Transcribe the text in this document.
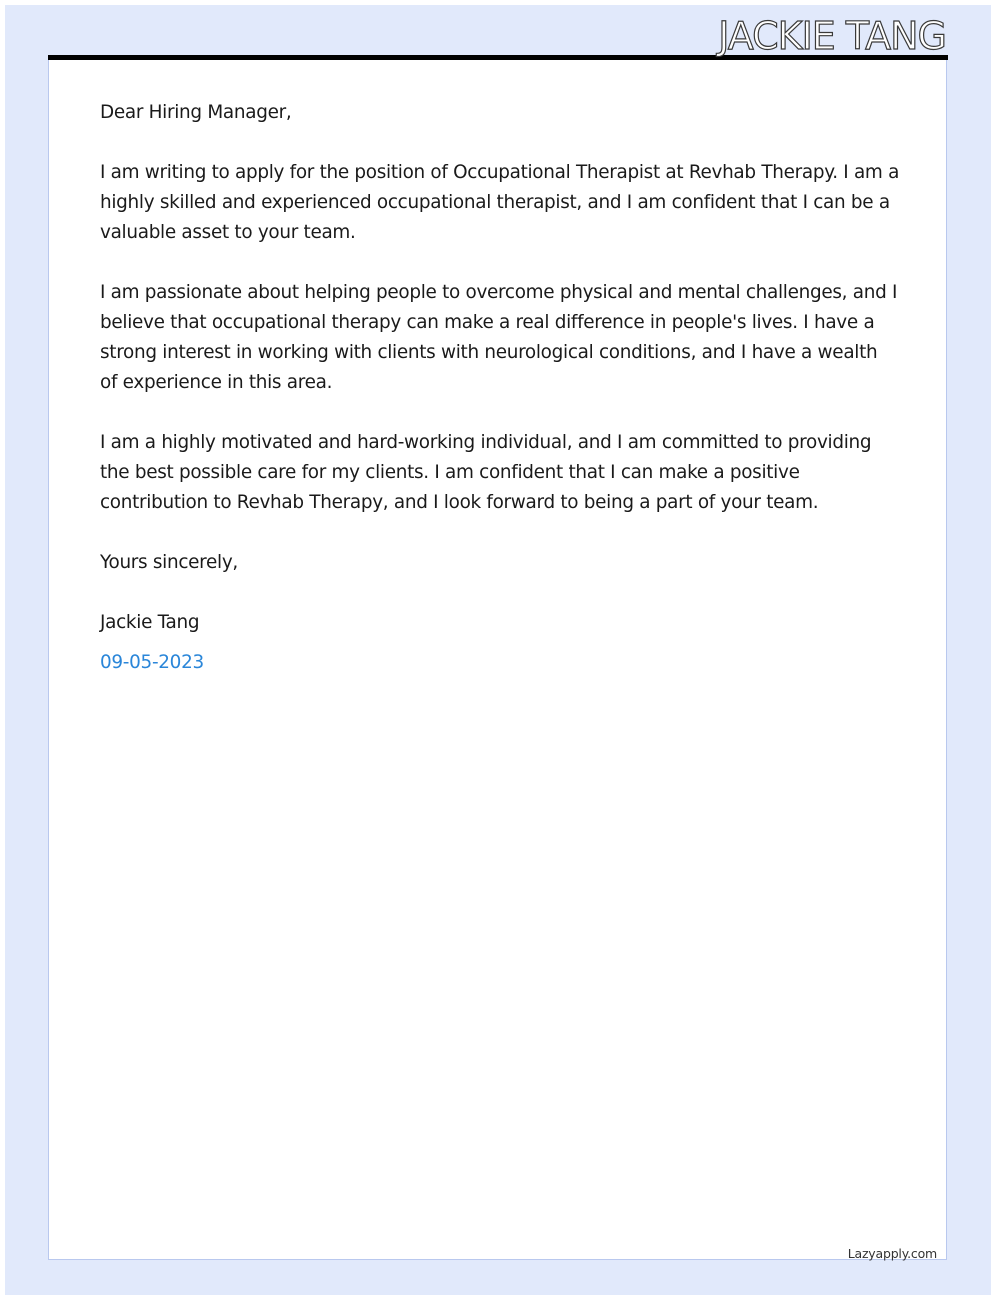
JACKIE TANG

Dear Hiring Manager,

I am writing to apply for the position of Occupational Therapist at Revhab Therapy. I am a highly skilled and experienced occupational therapist, and I am confident that I can be a valuable asset to your team.

I am passionate about helping people to overcome physical and mental challenges, and I believe that occupational therapy can make a real difference in people's lives. I have a strong interest in working with clients with neurological conditions, and I have a wealth of experience in this area.

I am a highly motivated and hard-working individual, and I am committed to providing the best possible care for my clients. I am confident that I can make a positive contribution to Revhab Therapy, and I look forward to being a part of your team.

Yours sincerely,

Jackie Tang

09-05-2023

Lazyapply.com
